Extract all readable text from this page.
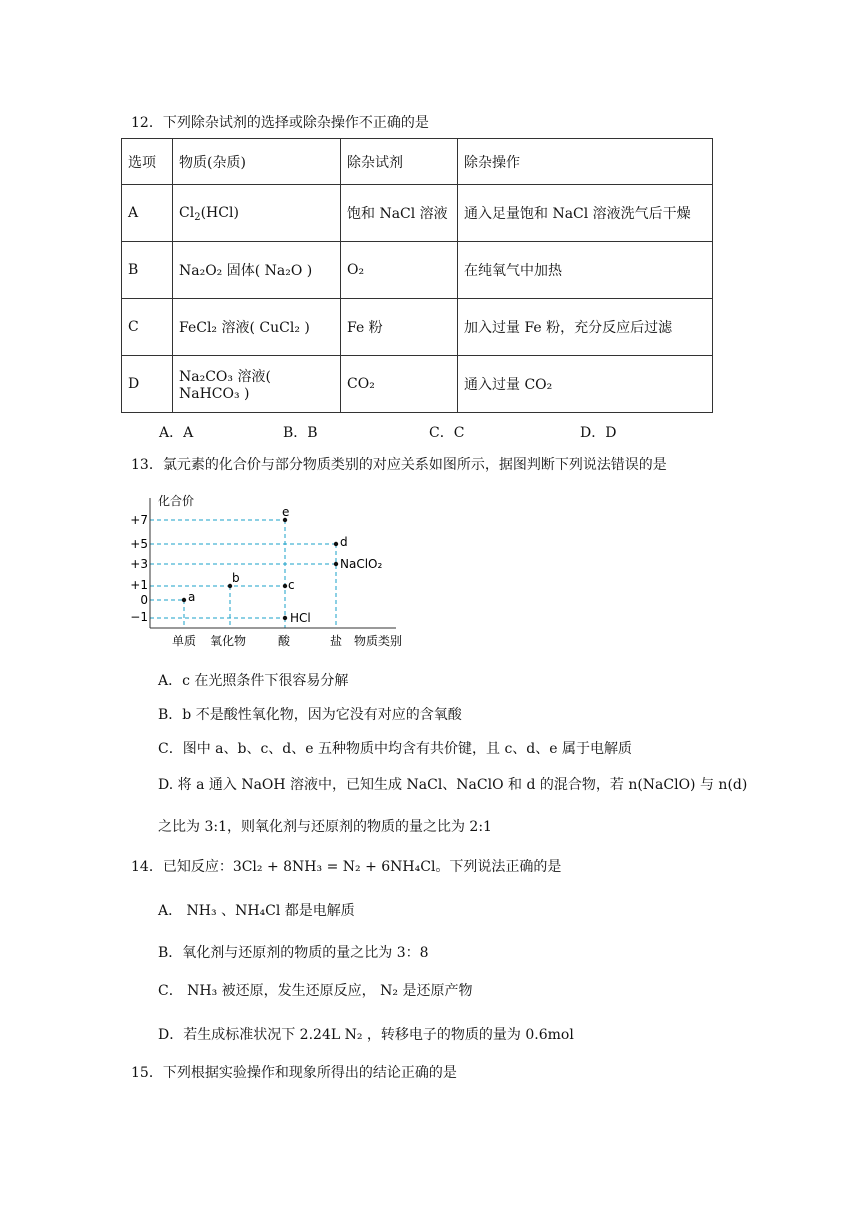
12．下列除杂试剂的选择或除杂操作不正确的是
选项	物质(杂质)	除杂试剂	除杂操作
A	$Cl_2(HCl)$	饱和 NaCl 溶液	通入足量饱和 NaCl 溶液洗气后干燥
B	Na₂O₂ 固体( Na₂O )	O₂	在纯氧气中加热
C	FeCl₂ 溶液( CuCl₂ )	Fe 粉	加入过量 Fe 粉，充分反应后过滤
D	Na₂CO₃ 溶液( NaHCO₃ )	CO₂	通入过量 CO₂
A．A	B．B	C．C	D．D
13．氯元素的化合价与部分物质类别的对应关系如图所示，据图判断下列说法错误的是
化合价
+7
+5
+3
+1
0
−1
单质 氧化物	酸	盐 物质类别
a
b	c
e
d
NaClO₂
HCl
A．c 在光照条件下很容易分解
B．b 不是酸性氧化物，因为它没有对应的含氧酸
C．图中 a、b、c、d、e 五种物质中均含有共价键，且 c、d、e 属于电解质
D. 将 a 通入 NaOH 溶液中，已知生成 NaCl、NaClO 和 d 的混合物，若 n(NaClO) 与 n(d)
之比为 3:1，则氧化剂与还原剂的物质的量之比为 2:1
14．已知反应：3Cl₂ + 8NH₃ = N₂ + 6NH₄Cl。下列说法正确的是
A． NH₃ 、NH₄Cl 都是电解质
B．氧化剂与还原剂的物质的量之比为 3：8
C． NH₃ 被还原，发生还原反应， N₂ 是还原产物
D．若生成标准状况下 2.24L N₂ ，转移电子的物质的量为 0.6mol
15．下列根据实验操作和现象所得出的结论正确的是
